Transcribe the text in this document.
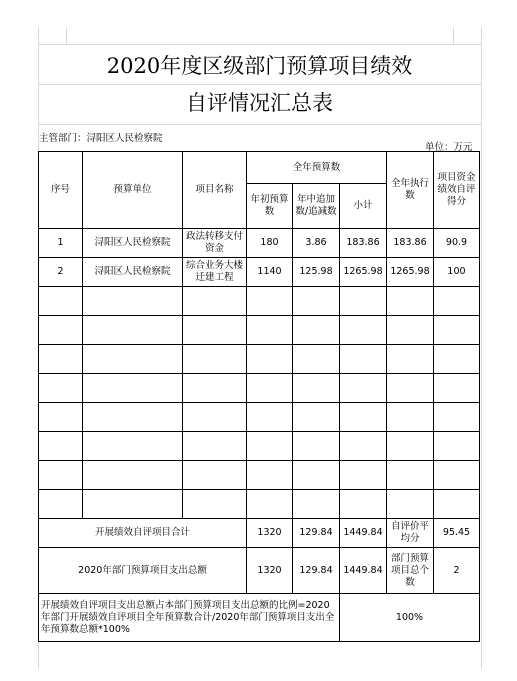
2020年度区级部门预算项目绩效
自评情况汇总表
主管部门：浔阳区人民检察院
单位：万元
序号	预算单位	项目名称	全年预算数			全年执行数	项目资金绩效自评得分
			年初预算数	年中追加数/追减数	小计		
1	浔阳区人民检察院	政法转移支付资金	180	3.86	183.86	183.86	90.9
2	浔阳区人民检察院	综合业务大楼迁建工程	1140	125.98	1265.98	1265.98	100

开展绩效自评项目合计			1320	129.84	1449.84	自评价平均分	95.45
2020年部门预算项目支出总额			1320	129.84	1449.84	部门预算项目总个数	2
开展绩效自评项目支出总额占本部门预算项目支出总额的比例=2020年部门开展绩效自评项目全年预算数合计/2020年部门预算项目支出全年预算数总额*100%					100%		
